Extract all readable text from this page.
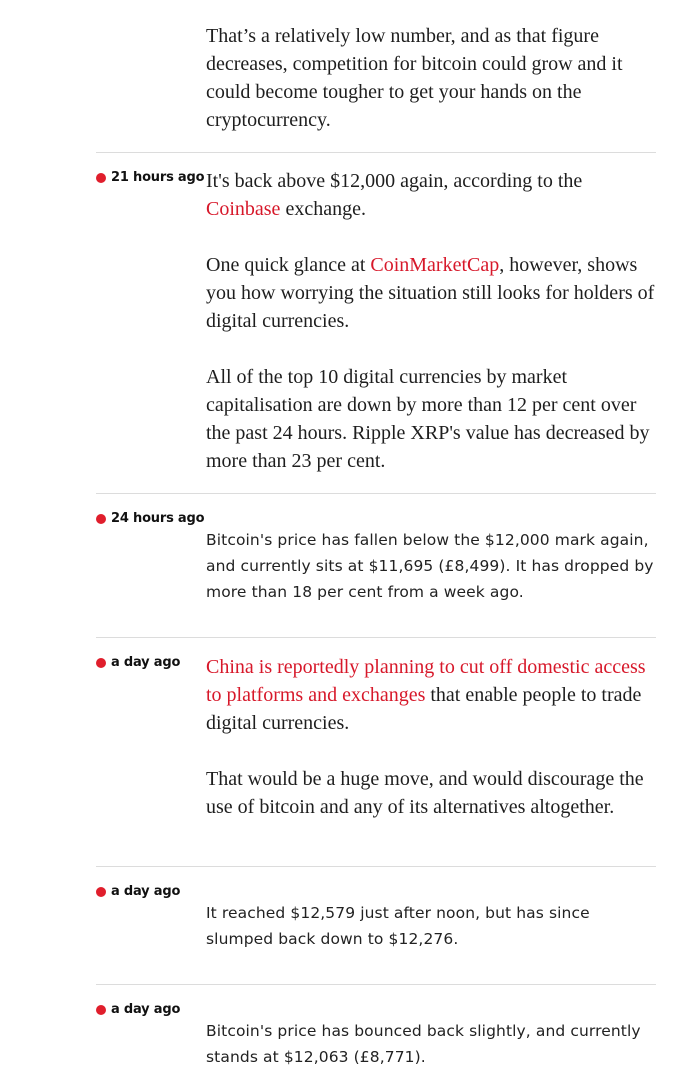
That’s a relatively low number, and as that figure decreases, competition for bitcoin could grow and it could become tougher to get your hands on the cryptocurrency.

21 hours ago It's back above $12,000 again, according to the Coinbase exchange.

One quick glance at CoinMarketCap, however, shows you how worrying the situation still looks for holders of digital currencies.

All of the top 10 digital currencies by market capitalisation are down by more than 12 per cent over the past 24 hours. Ripple XRP's value has decreased by more than 23 per cent.

24 hours ago

Bitcoin's price has fallen below the $12,000 mark again, and currently sits at $11,695 (£8,499). It has dropped by more than 18 per cent from a week ago.

a day ago China is reportedly planning to cut off domestic access to platforms and exchanges that enable people to trade digital currencies.

That would be a huge move, and would discourage the use of bitcoin and any of its alternatives altogether.

a day ago

It reached $12,579 just after noon, but has since slumped back down to $12,276.

a day ago

Bitcoin's price has bounced back slightly, and currently stands at $12,063 (£8,771).
